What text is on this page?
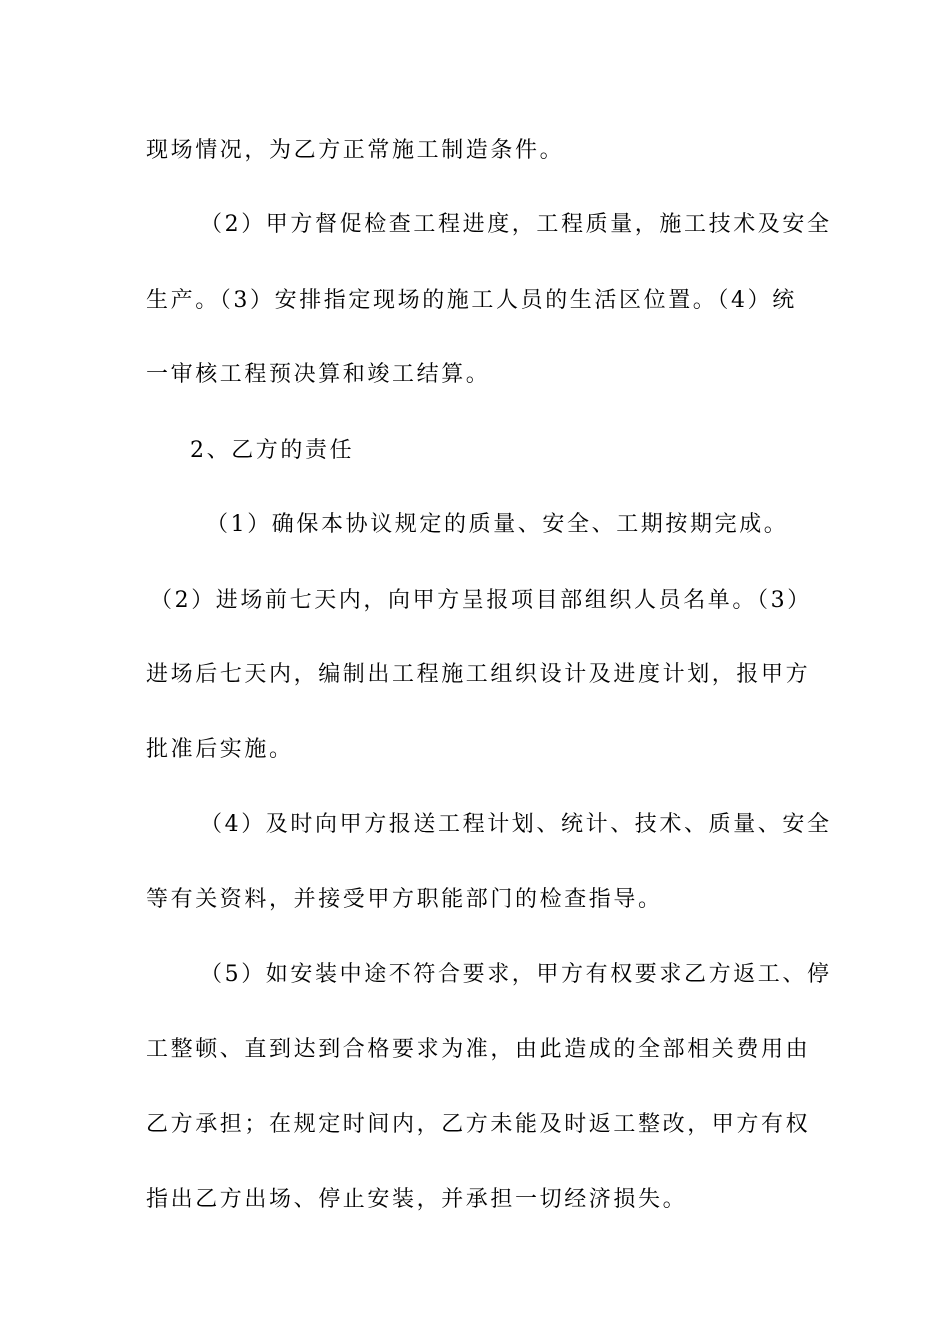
现场情况，为乙方正常施工制造条件。
（2）甲方督促检查工程进度，工程质量，施工技术及安全
生产。（3）安排指定现场的施工人员的生活区位置。（4）统
一审核工程预决算和竣工结算。
2、乙方的责任
（1）确保本协议规定的质量、安全、工期按期完成。
（2）进场前七天内，向甲方呈报项目部组织人员名单。（3）
进场后七天内，编制出工程施工组织设计及进度计划，报甲方
批准后实施。
（4）及时向甲方报送工程计划、统计、技术、质量、安全
等有关资料，并接受甲方职能部门的检查指导。
（5）如安装中途不符合要求，甲方有权要求乙方返工、停
工整顿、直到达到合格要求为准，由此造成的全部相关费用由
乙方承担；在规定时间内，乙方未能及时返工整改，甲方有权
指出乙方出场、停止安装，并承担一切经济损失。
